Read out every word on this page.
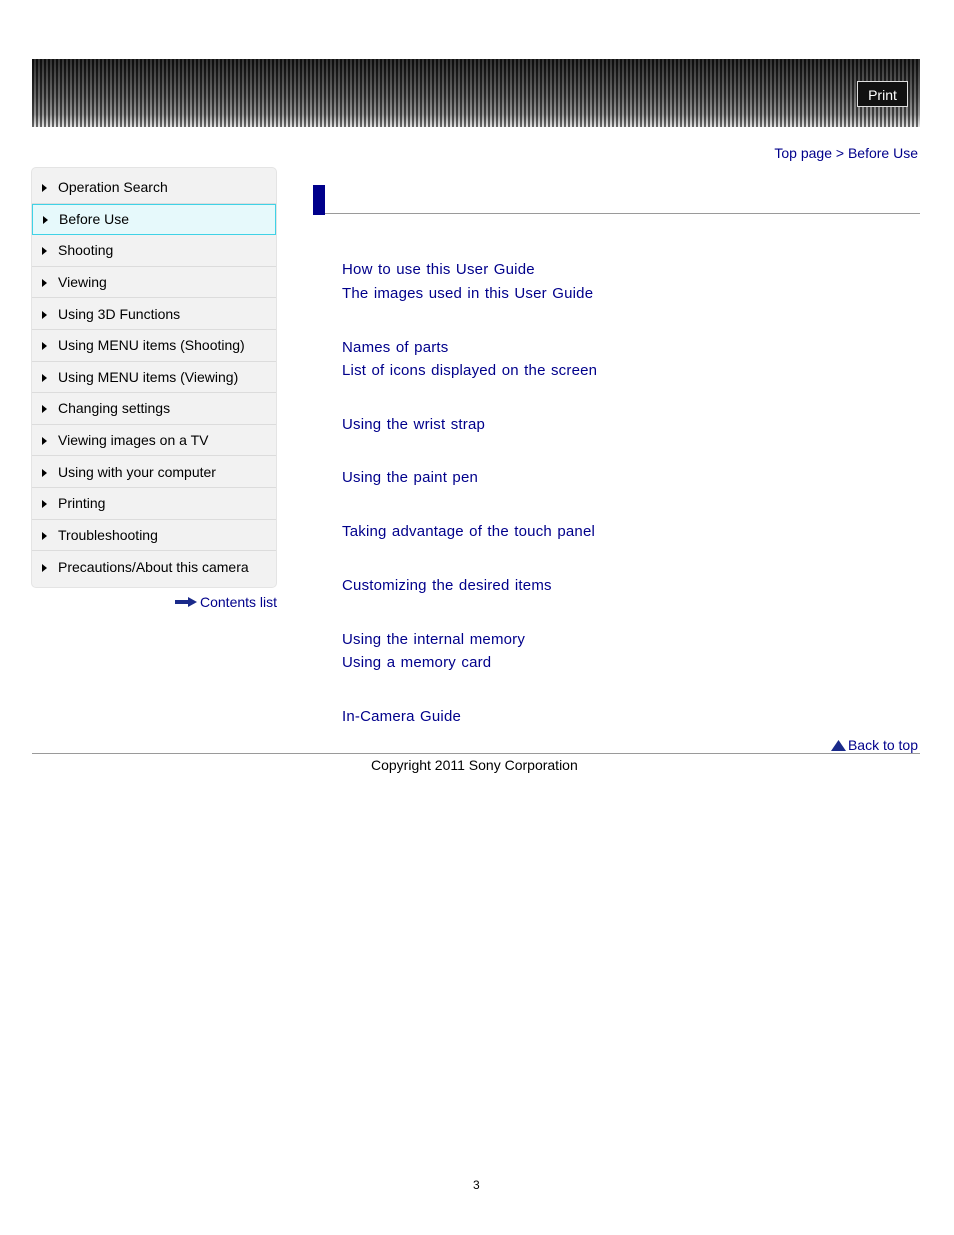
Print
Top page > Before Use
Operation Search
Before Use
Shooting
Viewing
Using 3D Functions
Using MENU items (Shooting)
Using MENU items (Viewing)
Changing settings
Viewing images on a TV
Using with your computer
Printing
Troubleshooting
Precautions/About this camera
Contents list
How to use this User Guide
The images used in this User Guide
Names of parts
List of icons displayed on the screen
Using the wrist strap
Using the paint pen
Taking advantage of the touch panel
Customizing the desired items
Using the internal memory
Using a memory card
In-Camera Guide
Back to top
Copyright 2011 Sony Corporation
3
